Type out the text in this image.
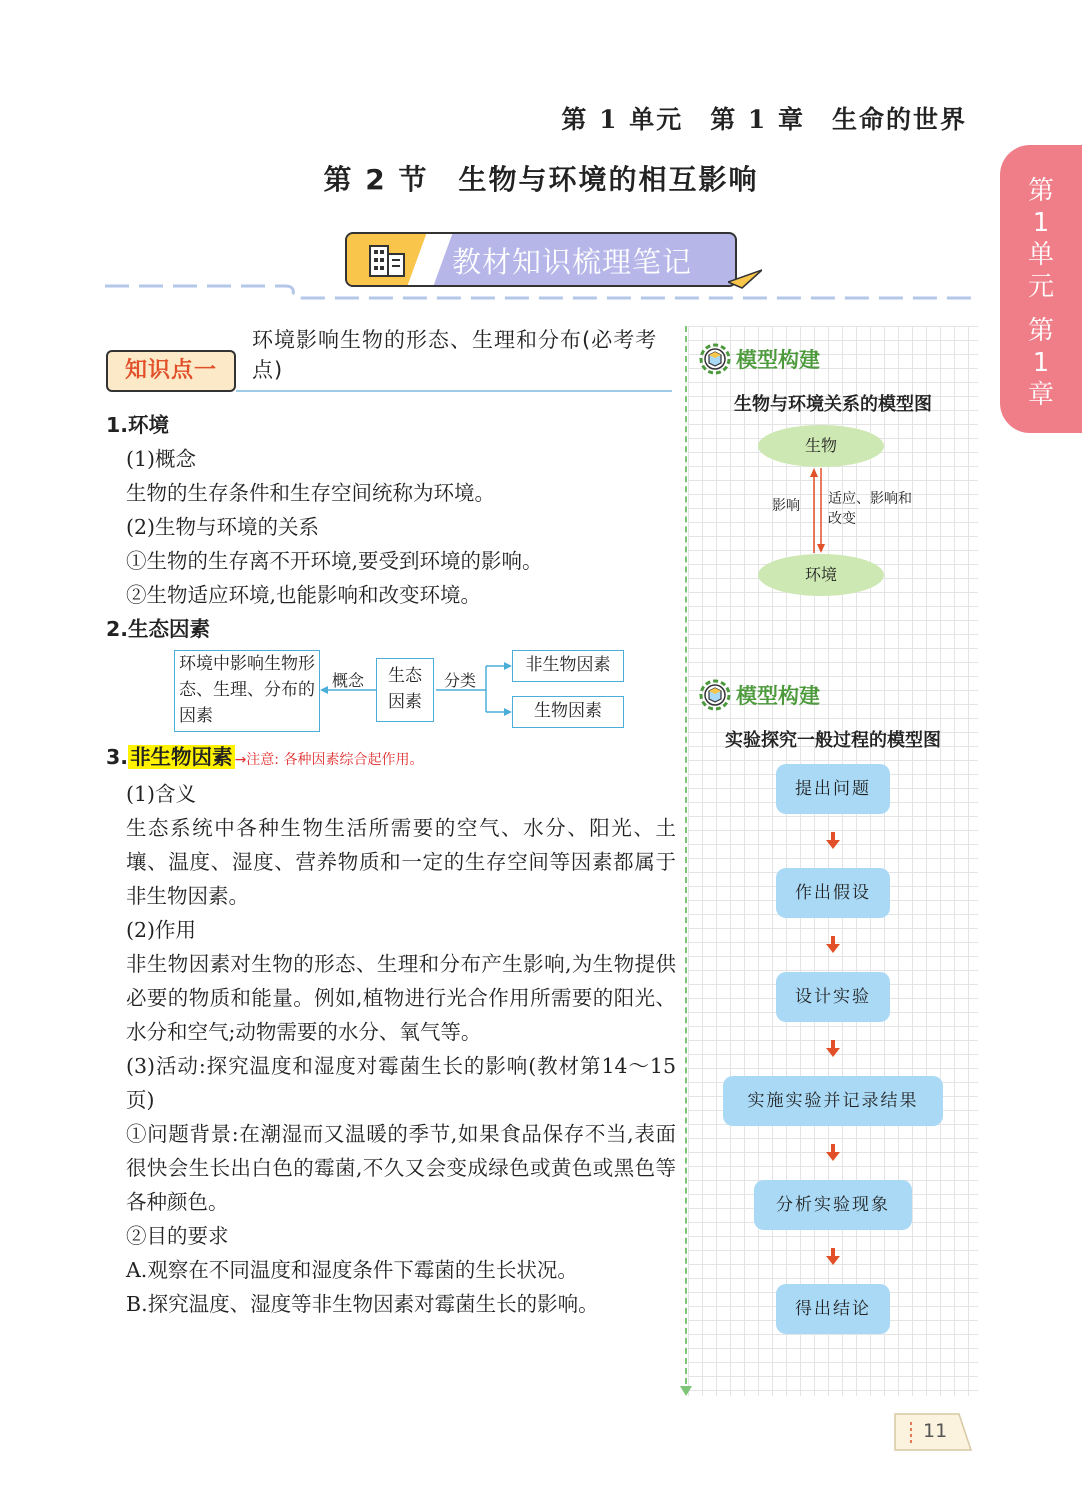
第 1 单元　第 1 章　生命的世界
第 2 节　生物与环境的相互影响	第
1
单
元
第
1
章
教材知识梳理笔记
知识点一
环境影响生物的形态、生理和分布(必考考点)

1.环境

(1)概念

生物的生存条件和生存空间统称为环境。

(2)生物与环境的关系

①生物的生存离不开环境,要受到环境的影响。

②生物适应环境,也能影响和改变环境。

2.生态因素

环境中影响生物形态、生理、分布的因素
概念	生态因素
分类
非生物因素
生物因素

3.非生物因素 →注意: 各种因素综合起作用。

(1)含义

生态系统中各种生物生活所需要的空气、水分、阳光、土壤、温度、湿度、营养物质和一定的生存空间等因素都属于非生物因素。

(2)作用

非生物因素对生物的形态、生理和分布产生影响,为生物提供必要的物质和能量。例如,植物进行光合作用所需要的阳光、水分和空气;动物需要的水分、氧气等。

(3)活动:探究温度和湿度对霉菌生长的影响(教材第14～15 页)

①问题背景:在潮湿而又温暖的季节,如果食品保存不当,表面很快会生长出白色的霉菌,不久又会变成绿色或黄色或黑色等各种颜色。

②目的要求

A.观察在不同温度和湿度条件下霉菌的生长状况。

B.探究温度、湿度等非生物因素对霉菌生长的影响。

模型构建
生物与环境关系的模型图
生物
环境
影响 适应、影响和改变
模型构建
实验探究一般过程的模型图
提出问题
作出假设
设计实验
实施实验并记录结果
分析实验现象
得出结论
11
